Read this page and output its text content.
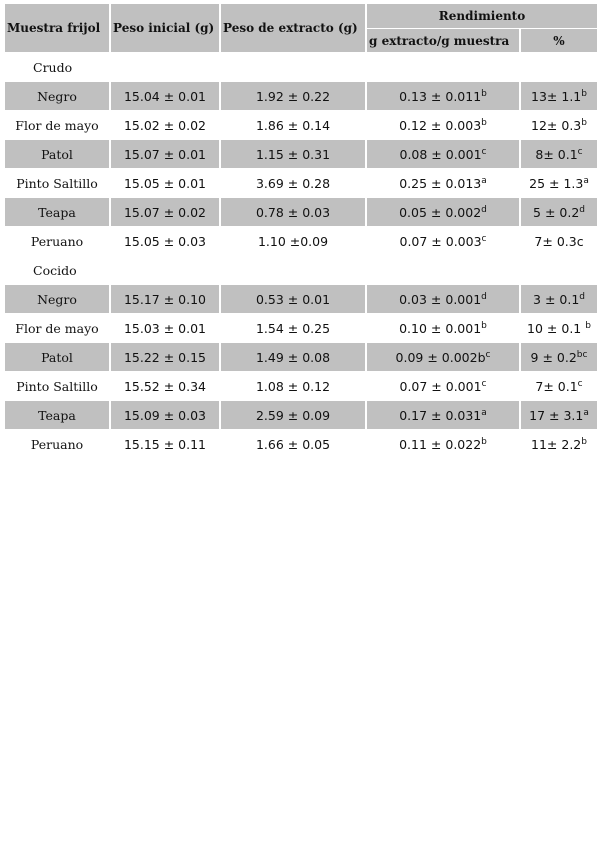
Muestra frijol	Peso inicial (g)	Peso de extracto (g)	Rendimiento	
			g extracto/g muestra	%
Crudo				
Negro	15.04 ± 0.01	1.92 ± 0.22	0.13 ± 0.011$^b$	13± 1.1$^b$
Flor de mayo	15.02 ± 0.02	1.86 ± 0.14	0.12 ± 0.003$^b$	12± 0.3$^b$
Patol	15.07 ± 0.01	1.15 ± 0.31	0.08 ± 0.001$^c$	8± 0.1$^c$
Pinto Saltillo	15.05 ± 0.01	3.69 ± 0.28	0.25 ± 0.013$^a$	25 ± 1.3$^a$
Teapa	15.07 ± 0.02	0.78 ± 0.03	0.05 ± 0.002$^d$	5 ± 0.2$^d$
Peruano	15.05 ± 0.03	1.10 ±0.09	0.07 ± 0.003$^c$	7± 0.3c
Cocido				
Negro	15.17 ± 0.10	0.53 ± 0.01	0.03 ± 0.001$^d$	3 ± 0.1$^d$
Flor de mayo	15.03 ± 0.01	1.54 ± 0.25	0.10 ± 0.001$^b$	10 ± 0.1 $^b$
Patol	15.22 ± 0.15	1.49 ± 0.08	$0.09 \pm 0.002b^c$	9 ± 0.2$^{bc}$
Pinto Saltillo	15.52 ± 0.34	1.08 ± 0.12	0.07 ± 0.001$^c$	7± 0.1$^c$
Teapa	15.09 ± 0.03	2.59 ± 0.09	0.17 ± 0.031$^a$	17 ± 3.1$^a$
Peruano	15.15 ± 0.11	1.66 ± 0.05	0.11 ± 0.022$^b$	11± 2.2$^b$
